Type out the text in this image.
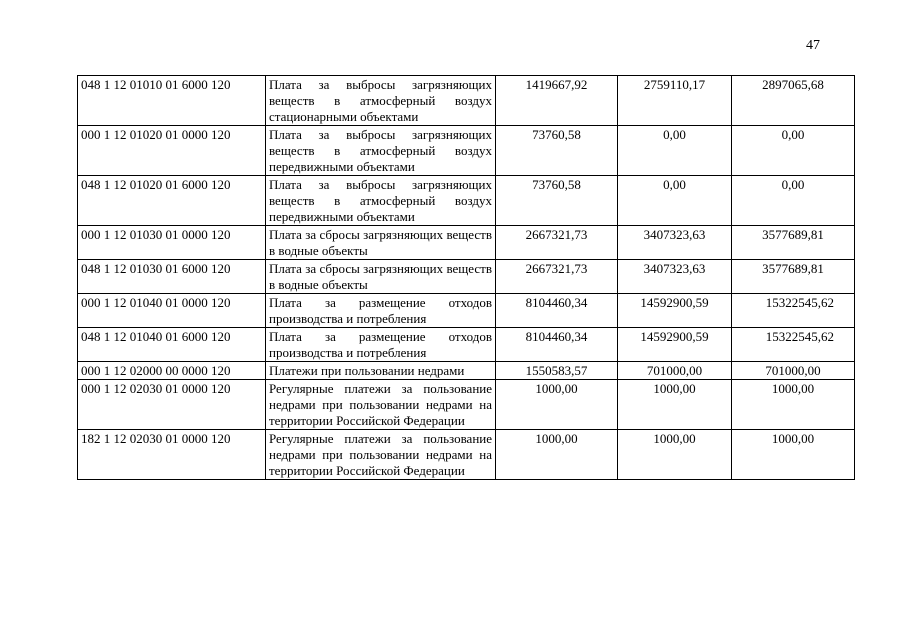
47
048 1 12 01010 01 6000 120	Плата за выбросы загрязняющих веществ в атмосферный воздух стационарными объектами	1419667,92	2759110,17	2897065,68
000 1 12 01020 01 0000 120	Плата за выбросы загрязняющих веществ в атмосферный воздух передвижными объектами	73760,58	0,00	0,00
048 1 12 01020 01 6000 120	Плата за выбросы загрязняющих веществ в атмосферный воздух передвижными объектами	73760,58	0,00	0,00
000 1 12 01030 01 0000 120	Плата за сбросы загрязняющих веществ в водные объекты	2667321,73	3407323,63	3577689,81
048 1 12 01030 01 6000 120	Плата за сбросы загрязняющих веществ в водные объекты	2667321,73	3407323,63	3577689,81
000 1 12 01040 01 0000 120	Плата за размещение отходов производства и потребления	8104460,34	14592900,59	15322545,62
048 1 12 01040 01 6000 120	Плата за размещение отходов производства и потребления	8104460,34	14592900,59	15322545,62
000 1 12 02000 00 0000 120	Платежи при пользовании недрами	1550583,57	701000,00	701000,00
000 1 12 02030 01 0000 120	Регулярные платежи за пользование недрами при пользовании недрами на территории Российской Федерации	1000,00	1000,00	1000,00
182 1 12 02030 01 0000 120	Регулярные платежи за пользование недрами при пользовании недрами на территории Российской Федерации	1000,00	1000,00	1000,00
